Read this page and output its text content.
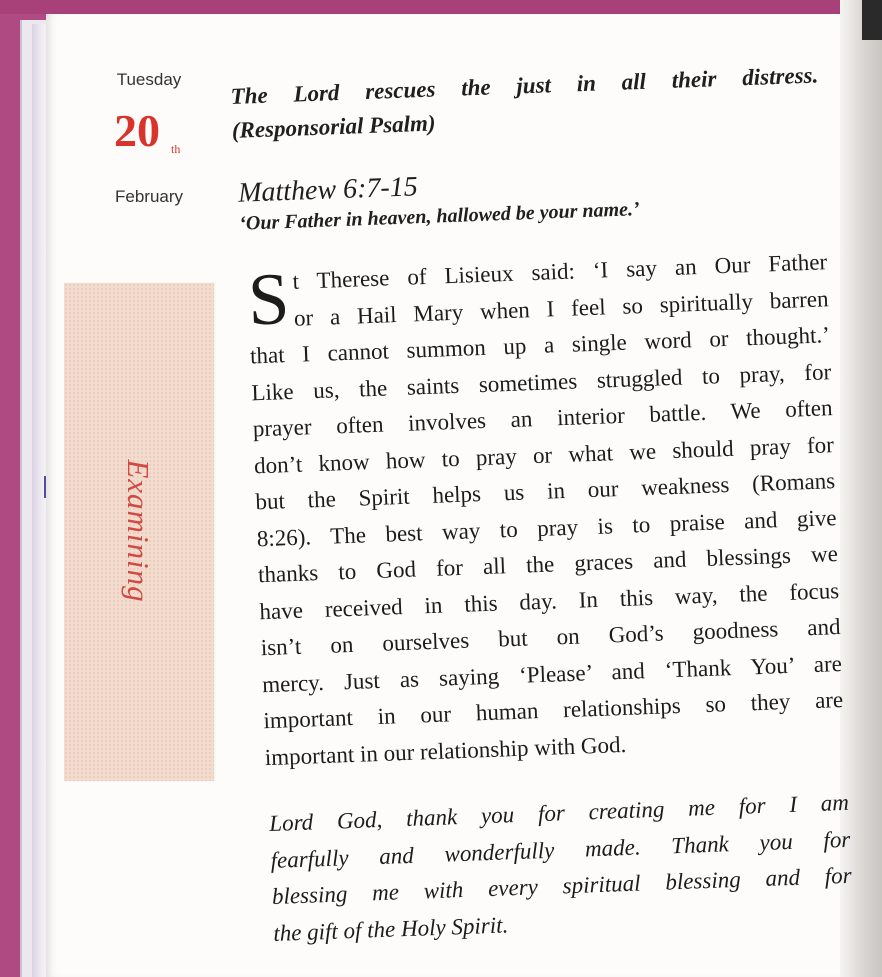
Tuesday
20 th
February
Examining

The Lord rescues the just in all their distress.
(Responsorial Psalm)

Matthew 6:7-15
‘Our Father in heaven, hallowed be your name.’
S t Therese of Lisieux said: ‘I say an Our Father
or a Hail Mary when I feel so spiritually barren
that I cannot summon up a single word or thought.’
Like us, the saints sometimes struggled to pray, for
prayer often involves an interior battle. We often
don’t know how to pray or what we should pray for
but the Spirit helps us in our weakness (Romans
8:26). The best way to pray is to praise and give
thanks to God for all the graces and blessings we
have received in this day. In this way, the focus
isn’t on ourselves but on God’s goodness and
mercy. Just as saying ‘Please’ and ‘Thank You’ are
important in our human relationships so they are
important in our relationship with God.
Lord God, thank you for creating me for I am
fearfully and wonderfully made. Thank you for
blessing me with every spiritual blessing and for
the gift of the Holy Spirit.
